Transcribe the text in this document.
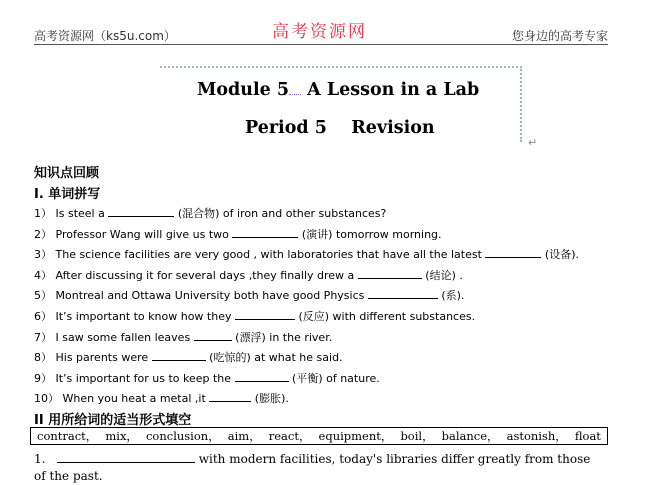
高考资源网（ks5u.com）	高考资源网	您身边的高考专家
Module 5 A Lesson in a Lab
Period 5 Revision
↵
知识点回顾
I. 单词拼写
1） Is steel a	(混合物) of iron and other substances?
2） Professor Wang will give us two	(演讲) tomorrow morning.
3） The science facilities are very good , with laboratories that have all the latest	(设备).
4） After discussing it for several days ,they finally drew a	(结论) .
5） Montreal and Ottawa University both have good Physics	(系).
6） It’s important to know how they	(反应) with different substances.
7） I saw some fallen leaves	(漂浮) in the river.
8） His parents were	(吃惊的) at what he said.
9） It’s important for us to keep the	(平衡) of nature.
10） When you heat a metal ,it	(膨胀).
II 用所给词的适当形式填空
contract， mix， conclusion， aim， react， equipment， boil， balance， astonish， float
1.	with modern facilities, today's libraries differ greatly from those of the past.
